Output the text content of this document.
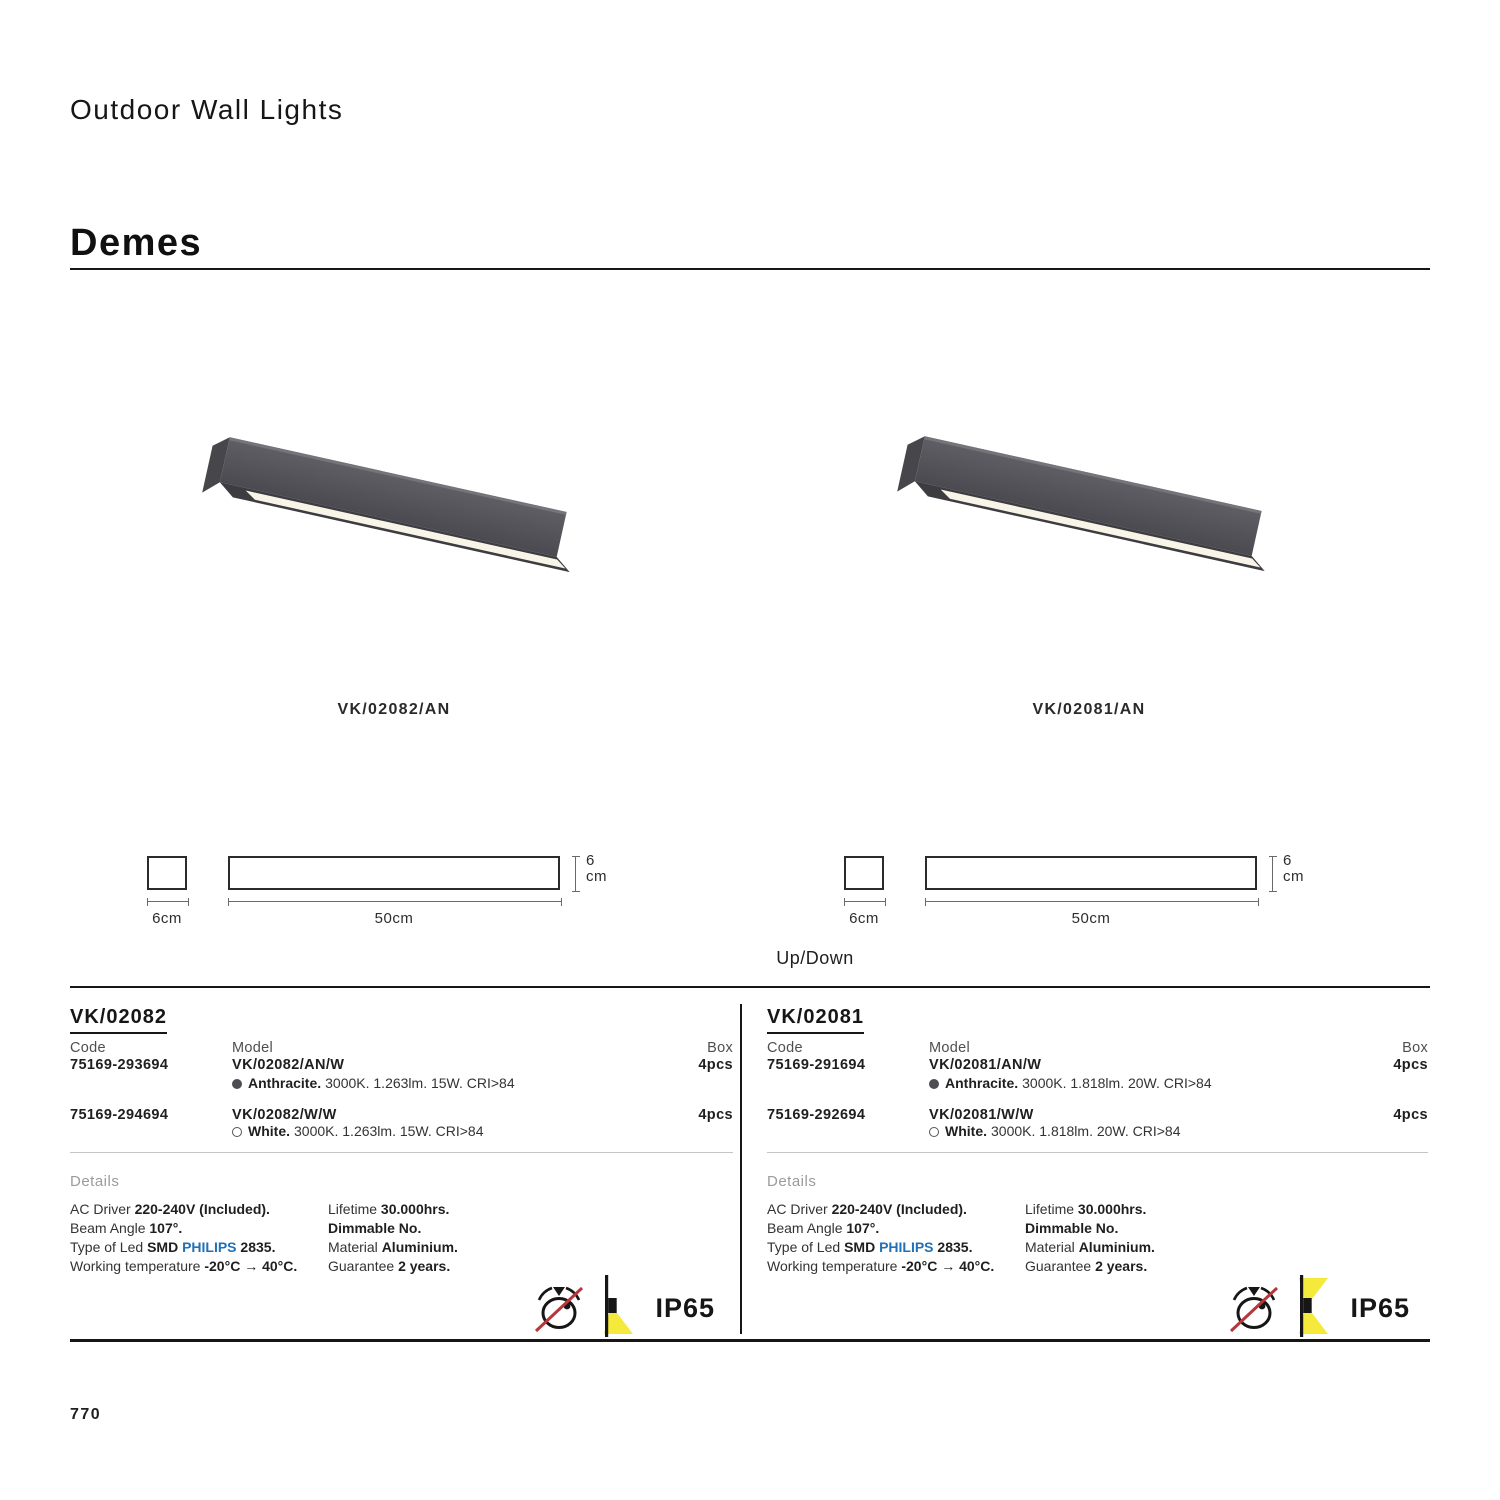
Outdoor Wall Lights
Demes
VK/02082/AN	VK/02081/AN
6cm	50cm
6
cm
6cm	50cm
6
cm
Up/Down
VK/02082
Code	Model	Box
75169-293694	VK/02082/AN/W	4pcs
Anthracite. 3000K. 1.263lm. 15W. CRI>84
75169-294694	VK/02082/W/W	4pcs
White. 3000K. 1.263lm. 15W. CRI>84
Details
AC Driver 220-240V (Included).
Beam Angle 107°.
Type of Led SMD PHILIPS 2835.
Working temperature -20°C → 40°C.
Lifetime 30.000hrs.
Dimmable No.
Material Aluminium.
Guarantee 2 years.
IP65
VK/02081
Code	Model	Box
75169-291694	VK/02081/AN/W	4pcs
Anthracite. 3000K. 1.818lm. 20W. CRI>84
75169-292694	VK/02081/W/W	4pcs
White. 3000K. 1.818lm. 20W. CRI>84
Details
AC Driver 220-240V (Included).
Beam Angle 107°.
Type of Led SMD PHILIPS 2835.
Working temperature -20°C → 40°C.
Lifetime 30.000hrs.
Dimmable No.
Material Aluminium.
Guarantee 2 years.
IP65
770
